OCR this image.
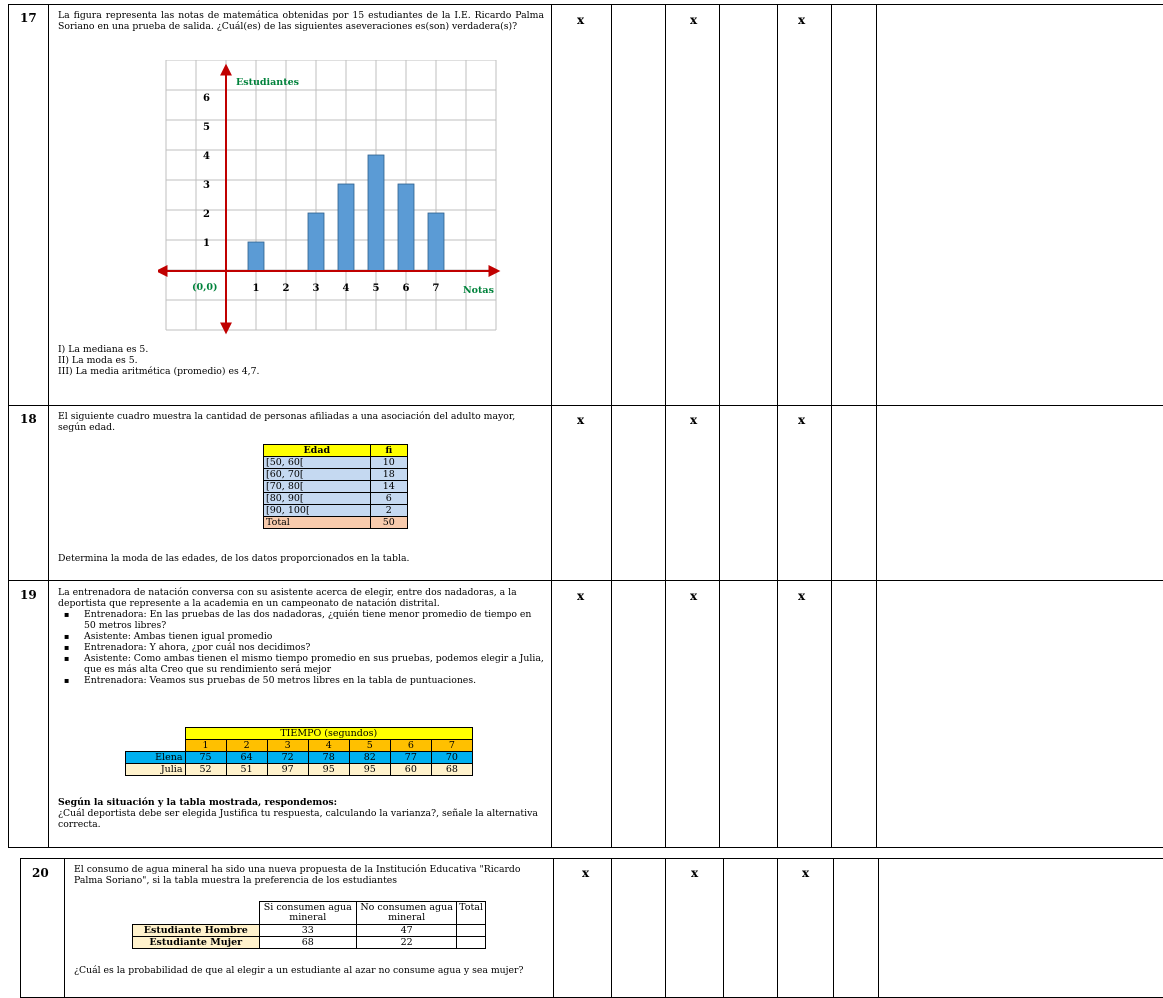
x	x	x
x	x	x
x	x	x
x	x	x
17 La figura representa las notas de matemática obtenidas por 15 estudiantes de la I.E. Ricardo Palma Soriano en una prueba de salida. ¿Cuál(es) de las siguientes aseveraciones es(son) verdadera(s)?
1
2
3
4
5
6
1 2 3 4 5 6 7
Estudiantes
Notas
(0,0)

I) La mediana es 5.

II) La moda es 5.

III) La media aritmética (promedio) es 4,7.

18 El siguiente cuadro muestra la cantidad de personas afiliadas a una asociación del adulto mayor, según edad.
Edad	fi
[50, 60[	10
[60, 70[	18
[70, 80[	14
[80, 90[	6
[90, 100[	2
Total	50
Determina la moda de las edades, de los datos proporcionados en la tabla.
19 La entrenadora de natación conversa con su asistente acerca de elegir, entre dos nadadoras, a la deportista que represente a la academia en un campeonato de natación distrital.

▪ Entrenadora: En las pruebas de las dos nadadoras, ¿quién tiene menor promedio de tiempo en 50 metros libres?
▪ Asistente: Ambas tienen igual promedio
▪ Entrenadora: Y ahora, ¿por cuál nos decidimos?
▪ Asistente: Como ambas tienen el mismo tiempo promedio en sus pruebas, podemos elegir a Julia, que es más alta Creo que su rendimiento será mejor
▪ Entrenadora: Veamos sus pruebas de 50 metros libres en la tabla de puntuaciones.
	TIEMPO (segundos)						
	1	2	3	4	5	6	7
Elena	75	64	72	78	82	77	70
Julia	52	51	97	95	95	60	68

Según la situación y la tabla mostrada, respondemos:

¿Cuál deportista debe ser elegida Justifica tu respuesta, calculando la varianza?, señale la alternativa correcta.

20	El consumo de agua mineral ha sido una nueva propuesta de la Institución Educativa "Ricardo Palma Soriano", si la tabla muestra la preferencia de los estudiantes
	Si consumen agua mineral	No consumen agua mineral	Total
Estudiante Hombre	33	47	
Estudiante Mujer	68	22	
¿Cuál es la probabilidad de que al elegir a un estudiante al azar no consume agua y sea mujer?
